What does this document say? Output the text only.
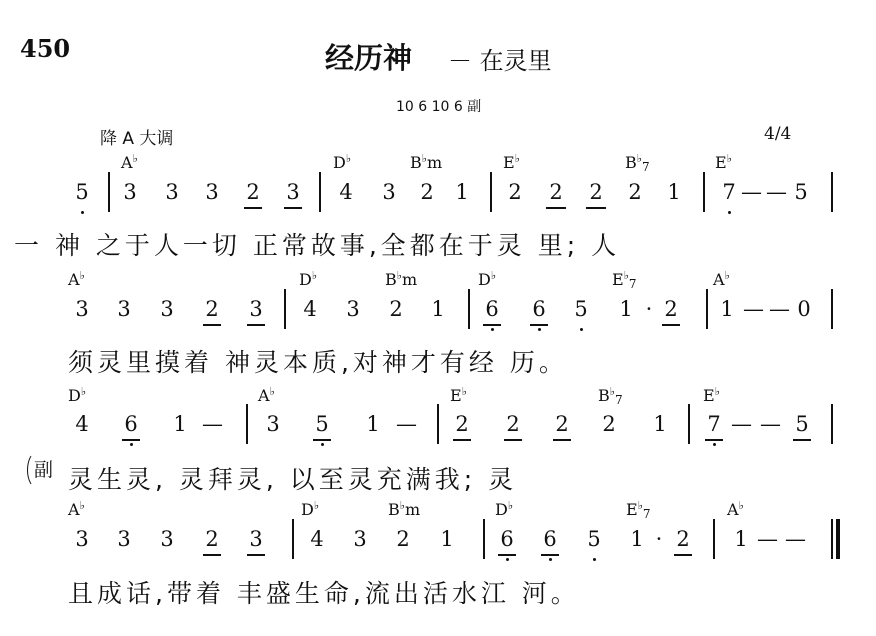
450	经历神 － 在灵里
10 6 10 6 副
降 A 大调	4/4
A♭	D♭	B♭m	E♭	$B^♭_7$	E♭
5 3 3 3 2 3 4 3 2 1 2 2 2 2 1 7 — — 5
一 神 之于人一切 正常故事,全都在于灵 里; 人
A♭	D♭	B♭m	D♭	$E^♭_7$	A♭
3 3 3 2 3 4 3 2 1 6 6 5 1 · 2 1 — — 0
须灵里摸着 神灵本质,对神才有经 历。
D♭	A♭	E♭	$B^♭_7$	E♭
4 6 1 — 3 5 1 — 2 2 2 2 1 7 — — 5
灵生灵, 灵拜灵, 以至灵充满我; 灵
A♭	D♭	B♭m	D♭	$E^♭_7$	A♭
3 3 3 2 3 4 3 2 1 6 6 5 1 · 2 1 — —
且成话,带着 丰盛生命,流出活水江 河。
副
